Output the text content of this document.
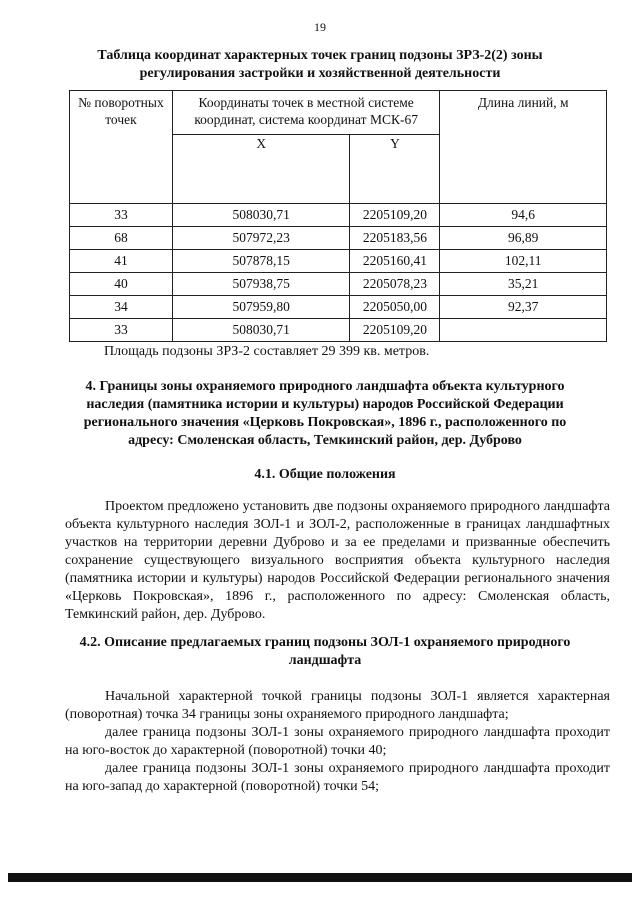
19
Таблица координат характерных точек границ подзоны ЗРЗ-2(2) зоны регулирования застройки и хозяйственной деятельности
№ поворотных точек	Координаты точек в местной системе координат, система координат МСК-67		Длина линий, м
	X	Y	
33	508030,71	2205109,20	94,6
68	507972,23	2205183,56	96,89
41	507878,15	2205160,41	102,11
40	507938,75	2205078,23	35,21
34	507959,80	2205050,00	92,37
33	508030,71	2205109,20	
Площадь подзоны ЗРЗ-2 составляет 29 399 кв. метров.
4. Границы зоны охраняемого природного ландшафта объекта культурного наследия (памятника истории и культуры) народов Российской Федерации регионального значения «Церковь Покровская», 1896 г., расположенного по адресу: Смоленская область, Темкинский район, дер. Дуброво
4.1. Общие положения

Проектом предложено установить две подзоны охраняемого природного ландшафта объекта культурного наследия ЗОЛ-1 и ЗОЛ-2, расположенные в границах ландшафтных участков на территории деревни Дуброво и за ее пределами и призванные обеспечить сохранение существующего визуального восприятия объекта культурного наследия (памятника истории и культуры) народов Российской Федерации регионального значения «Церковь Покровская», 1896 г., расположенного по адресу: Смоленская область, Темкинский район, дер. Дуброво.

4.2. Описание предлагаемых границ подзоны ЗОЛ-1 охраняемого природного ландшафта

Начальной характерной точкой границы подзоны ЗОЛ-1 является характерная (поворотная) точка 34 границы зоны охраняемого природного ландшафта;

далее граница подзоны ЗОЛ-1 зоны охраняемого природного ландшафта проходит на юго-восток до характерной (поворотной) точки 40;

далее граница подзоны ЗОЛ-1 зоны охраняемого природного ландшафта проходит на юго-запад до характерной (поворотной) точки 54;
